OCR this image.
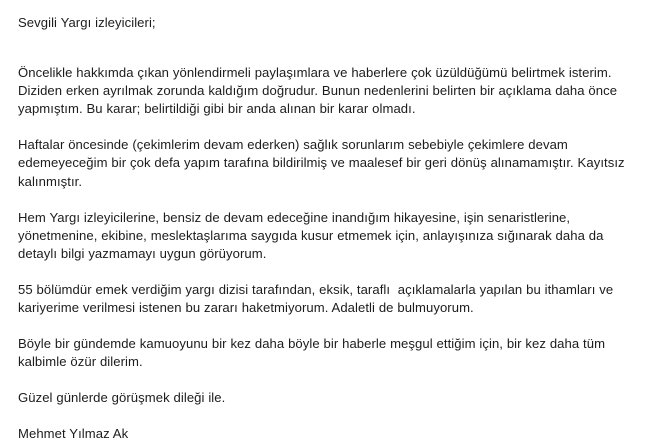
Sevgili Yargı izleyicileri;

Öncelikle hakkımda çıkan yönlendirmeli paylaşımlara ve haberlere çok üzüldüğümü belirtmek isterim.

Diziden erken ayrılmak zorunda kaldığım doğrudur. Bunun nedenlerini belirten bir açıklama daha önce yapmıştım. Bu karar; belirtildiği gibi bir anda alınan bir karar olmadı.

Haftalar öncesinde (çekimlerim devam ederken) sağlık sorunlarım sebebiyle çekimlere devam edemeyeceğim bir çok defa yapım tarafına bildirilmiş ve maalesef bir geri dönüş alınamamıştır. Kayıtsız kalınmıştır.

Hem Yargı izleyicilerine, bensiz de devam edeceğine inandığım hikayesine, işin senaristlerine, yönetmenine, ekibine, meslektaşlarıma saygıda kusur etmemek için, anlayışınıza sığınarak daha da detaylı bilgi yazmamayı uygun görüyorum.

55 bölümdür emek verdiğim yargı dizisi tarafından, eksik, taraflı  açıklamalarla yapılan bu ithamları ve kariyerime verilmesi istenen bu zararı haketmiyorum. Adaletli de bulmuyorum.

Böyle bir gündemde kamuoyunu bir kez daha böyle bir haberle meşgul ettiğim için, bir kez daha tüm kalbimle özür dilerim.

Güzel günlerde görüşmek dileği ile.

Mehmet Yılmaz Ak
